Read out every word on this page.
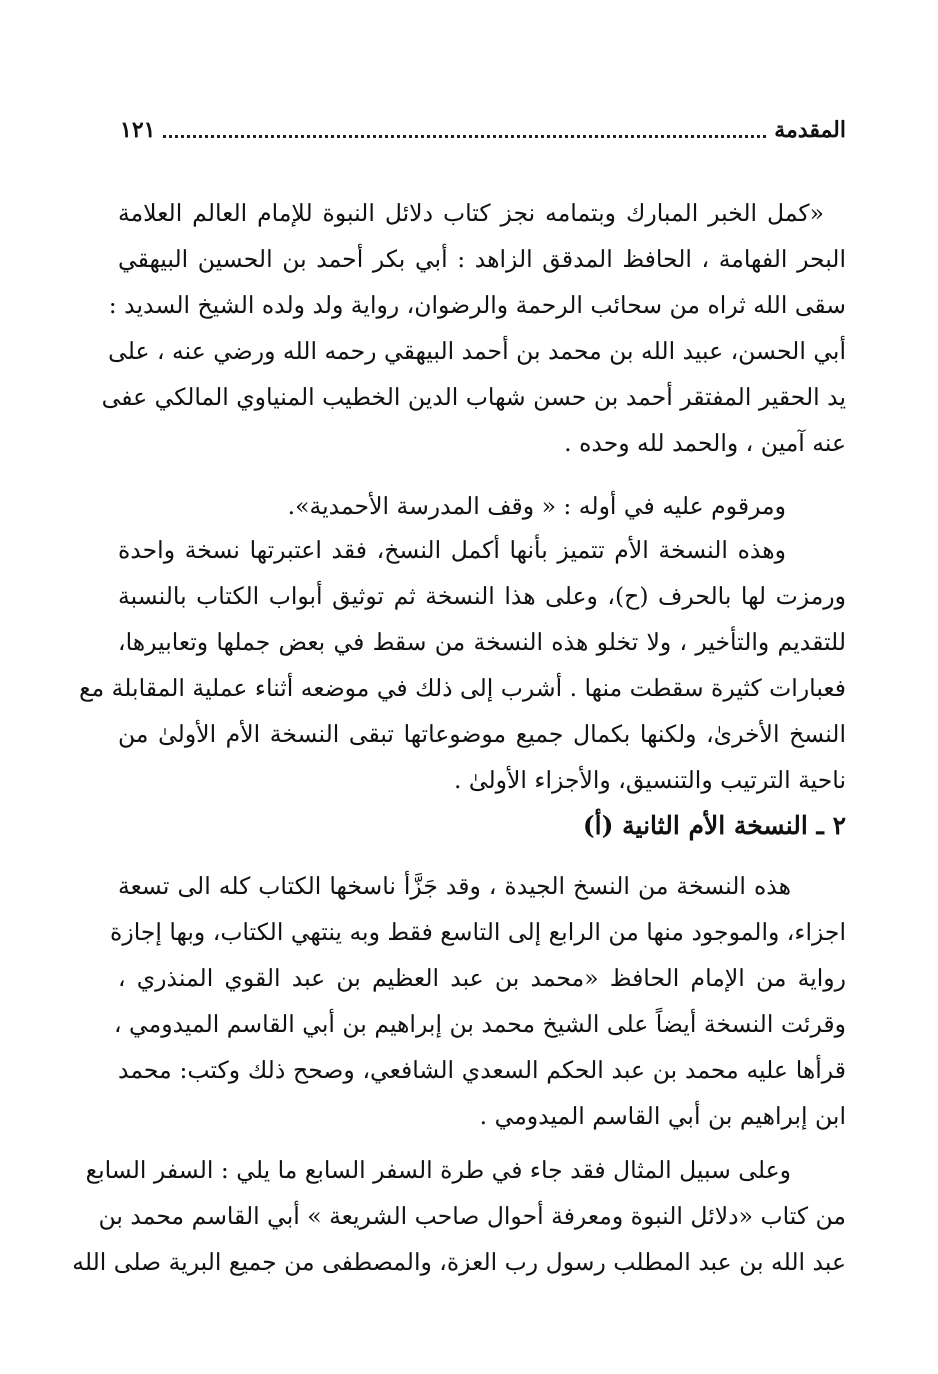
المقدمة
١٢١
«كمل الخبر المبارك وبتمامه نجز كتاب دلائل النبوة للإمام العالم العلامة
البحر الفهامة ، الحافظ المدقق الزاهد : أبي بكر أحمد بن الحسين البيهقي
سقى الله ثراه من سحائب الرحمة والرضوان، رواية ولد ولده الشيخ السديد :
أبي الحسن، عبيد الله بن محمد بن أحمد البيهقي رحمه الله ورضي عنه ، على
يد الحقير المفتقر أحمد بن حسن شهاب الدين الخطيب المنياوي المالكي عفى
عنه آمين ، والحمد لله وحده .
ومرقوم عليه في أوله : « وقف المدرسة الأحمدية».
وهذه النسخة الأم تتميز بأنها أكمل النسخ، فقد اعتبرتها نسخة واحدة
ورمزت لها بالحرف (ح)، وعلى هذا النسخة ثم توثيق أبواب الكتاب بالنسبة
للتقديم والتأخير ، ولا تخلو هذه النسخة من سقط في بعض جملها وتعابيرها،
فعبارات كثيرة سقطت منها . أشرب إلى ذلك في موضعه أثناء عملية المقابلة مع
النسخ الأخرىٰ، ولكنها بكمال جميع موضوعاتها تبقى النسخة الأم الأولىٰ من
ناحية الترتيب والتنسيق، والأجزاء الأولىٰ .
٢ ـ النسخة الأم الثانية (أ)
هذه النسخة من النسخ الجيدة ، وقد جَزَّأ ناسخها الكتاب كله الى تسعة
اجزاء، والموجود منها من الرابع إلى التاسع فقط وبه ينتهي الكتاب، وبها إجازة
رواية من الإمام الحافظ «محمد بن عبد العظيم بن عبد القوي المنذري ،
وقرئت النسخة أيضاً على الشيخ محمد بن إبراهيم بن أبي القاسم الميدومي ،
قرأها عليه محمد بن عبد الحكم السعدي الشافعي، وصحح ذلك وكتب: محمد
ابن إبراهيم بن أبي القاسم الميدومي .
وعلى سبيل المثال فقد جاء في طرة السفر السابع ما يلي : السفر السابع
من كتاب «دلائل النبوة ومعرفة أحوال صاحب الشريعة » أبي القاسم محمد بن
عبد الله بن عبد المطلب رسول رب العزة، والمصطفى من جميع البرية صلى الله
